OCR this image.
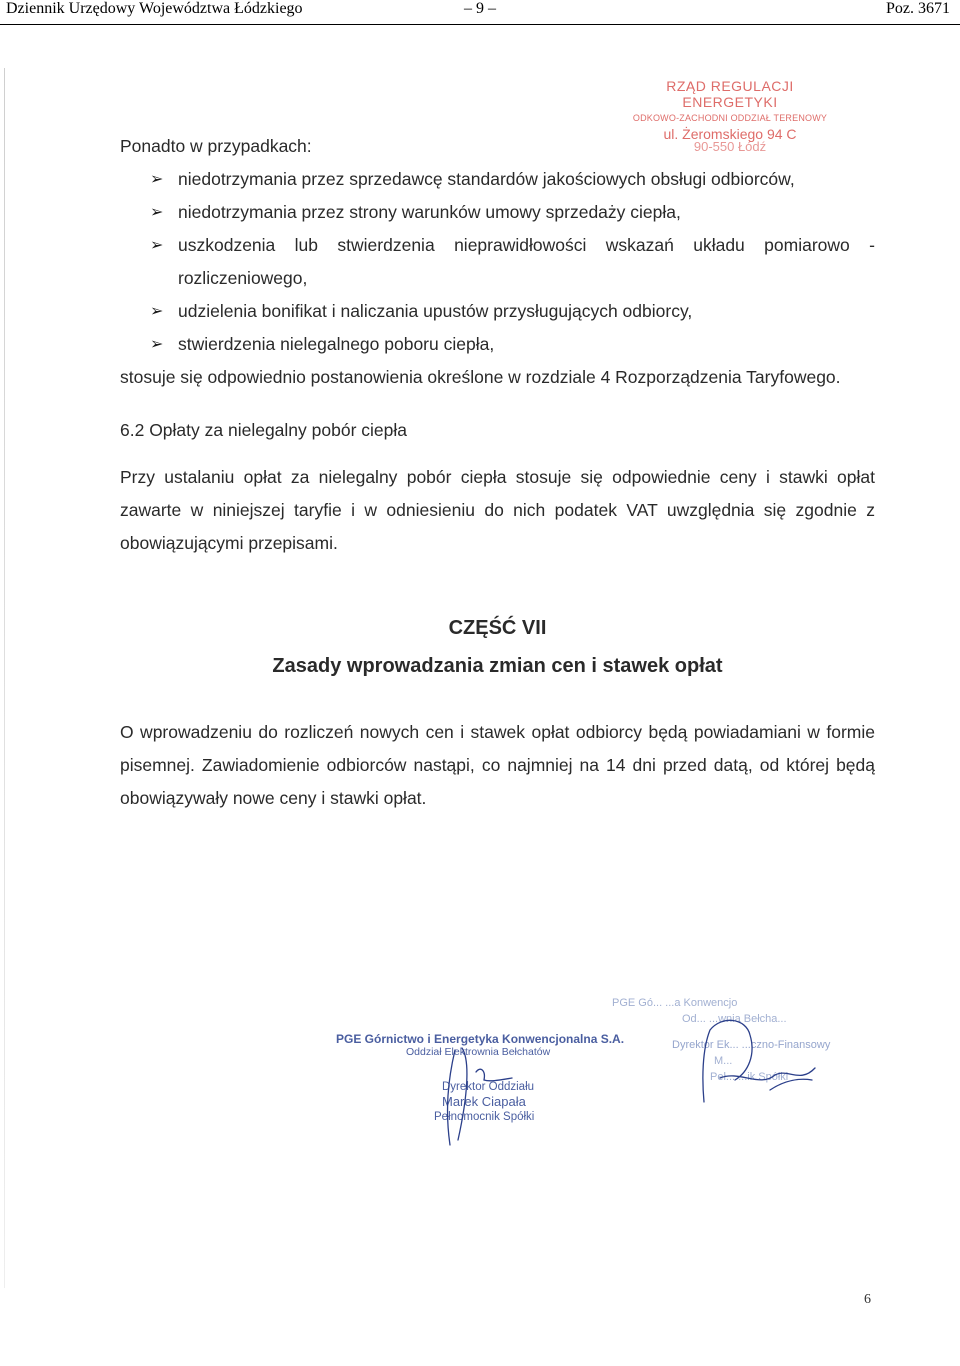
Dziennik Urzędowy Województwa Łódzkiego	– 9 –	Poz. 3671
RZĄD REGULACJI ENERGETYKI
ODKOWO-ZACHODNI ODDZIAŁ TERENOWY
ul. Żeromskiego 94 C
90-550 Łódź

Ponadto w przypadkach:

➢ niedotrzymania przez sprzedawcę standardów jakościowych obsługi odbiorców,
➢ niedotrzymania przez strony warunków umowy sprzedaży ciepła,
➢ uszkodzenia lub stwierdzenia nieprawidłowości wskazań układu pomiarowo - rozliczeniowego,
➢ udzielenia bonifikat i naliczania upustów przysługujących odbiorcy,
➢ stwierdzenia nielegalnego poboru ciepła,

stosuje się odpowiednio postanowienia określone w rozdziale 4 Rozporządzenia Taryfowego.

6.2 Opłaty za nielegalny pobór ciepła

Przy ustalaniu opłat za nielegalny pobór ciepła stosuje się odpowiednie ceny i stawki opłat zawarte w niniejszej taryfie i w odniesieniu do nich podatek VAT uwzględnia się zgodnie z obowiązującymi przepisami.

CZĘŚĆ VII

Zasady wprowadzania zmian cen i stawek opłat

O wprowadzeniu do rozliczeń nowych cen i stawek opłat odbiorcy będą powiadamiani w formie pisemnej. Zawiadomienie odbiorców nastąpi, co najmniej na 14 dni przed datą, od której będą obowiązywały nowe ceny i stawki opłat.

PGE Gó... ...a Konwencjo
Od... ...wnia Bełcha...
Dyrektor Ek... ...czno-Finansowy
M...
Peł... ...ik Spółki
PGE Górnictwo i Energetyka Konwencjonalna S.A.
Oddział Elektrownia Bełchatów
Dyrektor Oddziału
Marek Ciapała
Pełnomocnik Spółki
6
